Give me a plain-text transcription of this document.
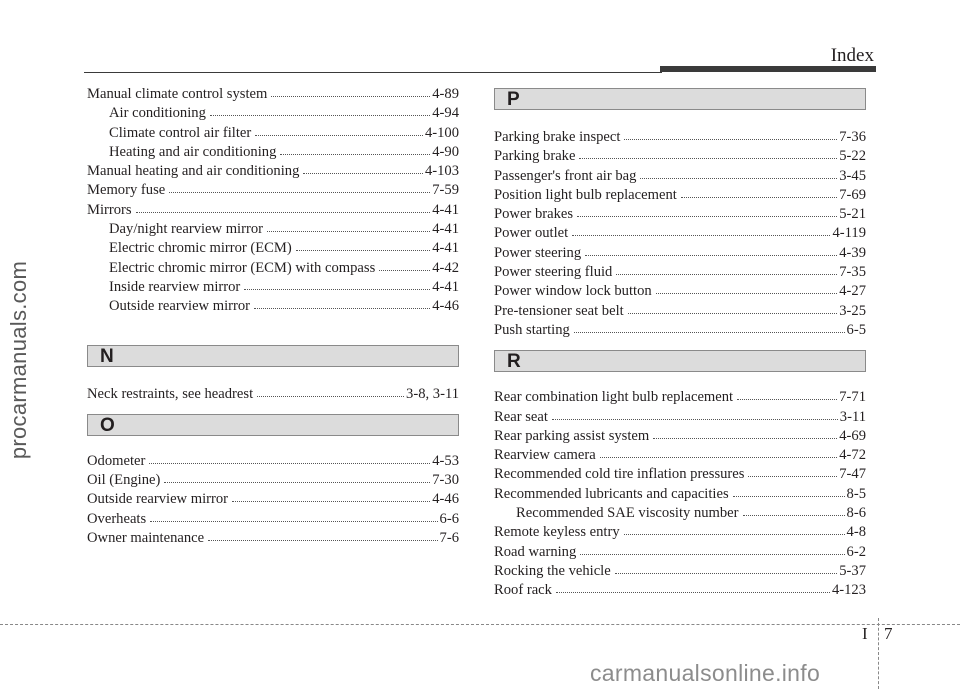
Index
procarmanuals.com
Manual climate control system	4-89
Air conditioning	4-94
Climate control air filter	4-100
Heating and air conditioning	4-90
Manual heating and air conditioning	4-103
Memory fuse	7-59
Mirrors	4-41
Day/night rearview mirror	4-41
Electric chromic mirror (ECM)	4-41
Electric chromic mirror (ECM) with compass	4-42
Inside rearview mirror	4-41
Outside rearview mirror	4-46
N
Neck restraints, see headrest	3-8, 3-11
O
Odometer	4-53
Oil (Engine)	7-30
Outside rearview mirror	4-46
Overheats	6-6
Owner maintenance	7-6
P
Parking brake inspect	7-36
Parking brake	5-22
Passenger's front air bag	3-45
Position light bulb replacement	7-69
Power brakes	5-21
Power outlet	4-119
Power steering	4-39
Power steering fluid	7-35
Power window lock button	4-27
Pre-tensioner seat belt	3-25
Push starting	6-5
R
Rear combination light bulb replacement	7-71
Rear seat	3-11
Rear parking assist system	4-69
Rearview camera	4-72
Recommended cold tire inflation pressures	7-47
Recommended lubricants and capacities	8-5
Recommended SAE viscosity number	8-6
Remote keyless entry	4-8
Road warning	6-2
Rocking the vehicle	5-37
Roof rack	4-123
I 7
carmanualsonline.info
